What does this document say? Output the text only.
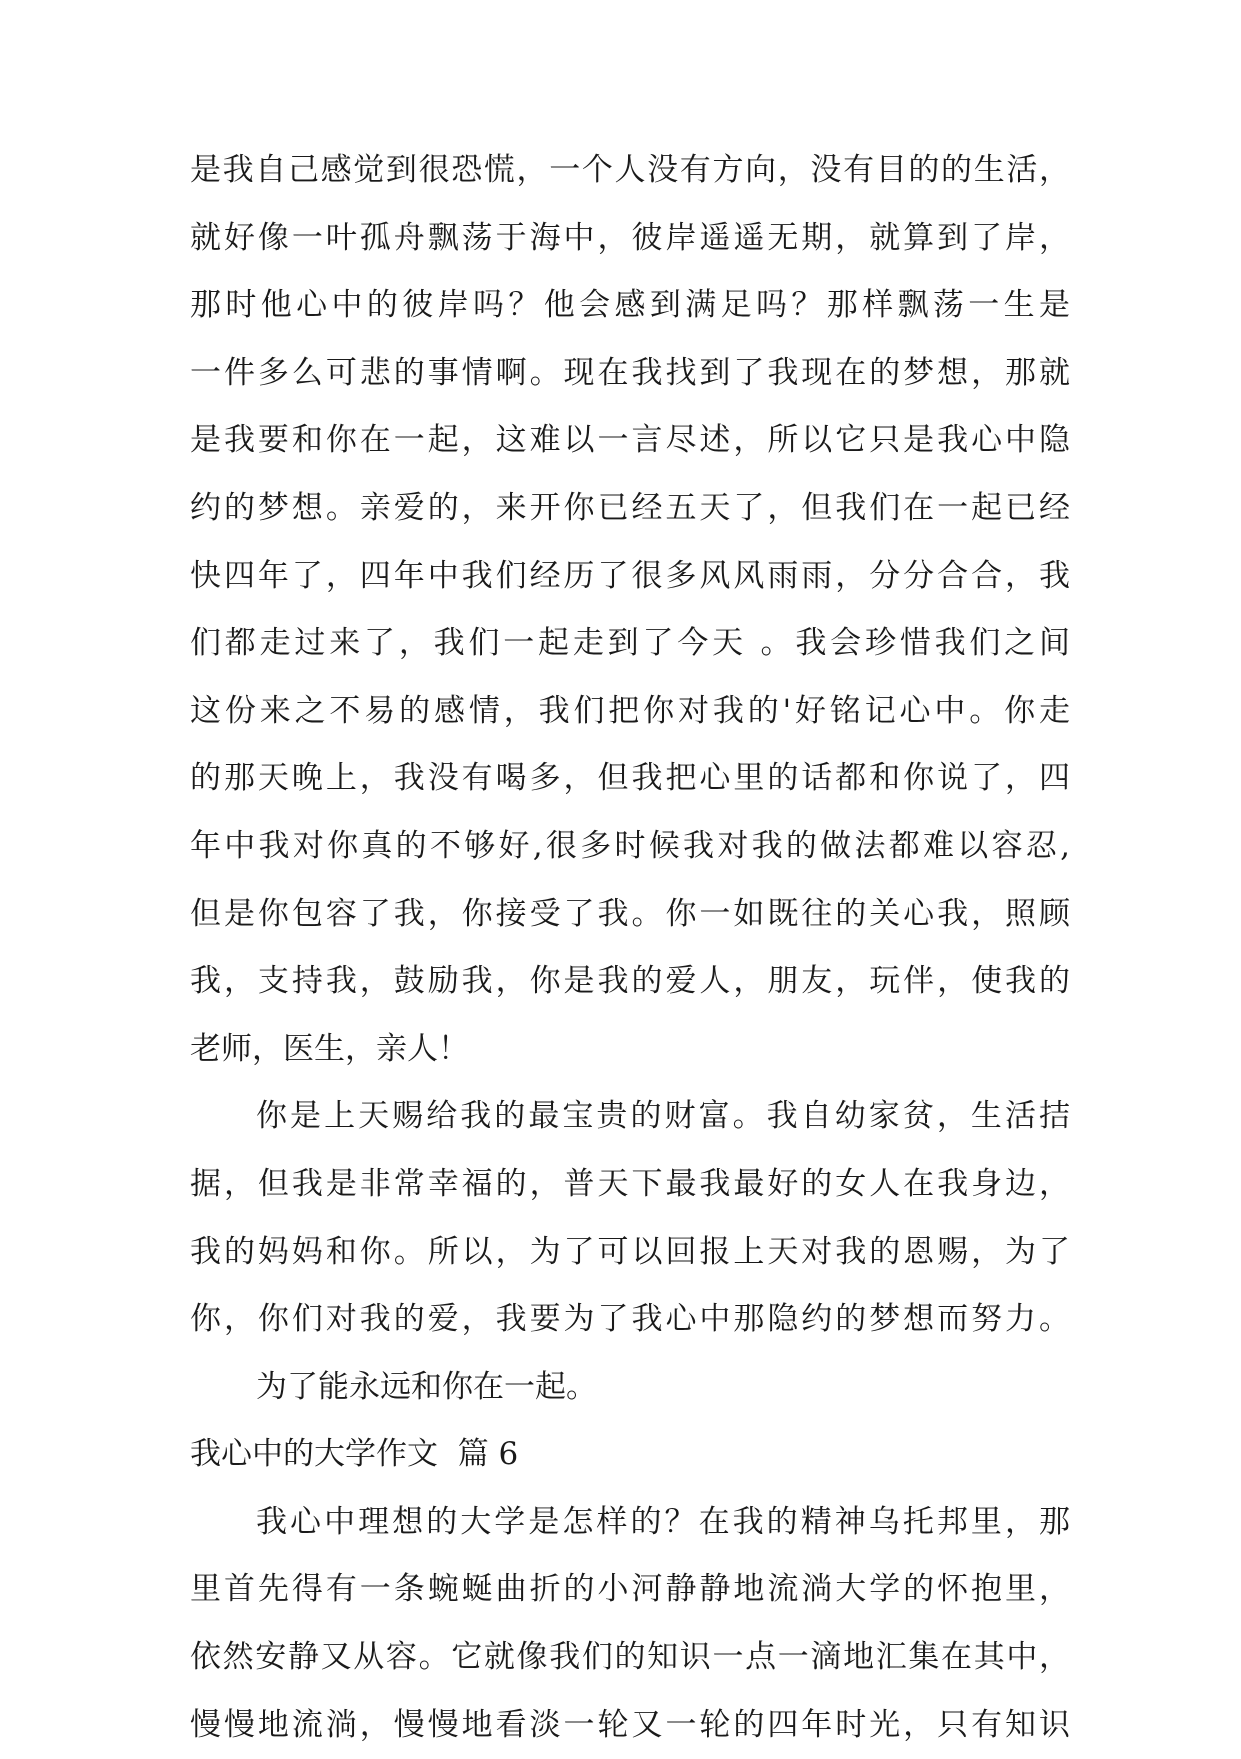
是我自己感觉到很恐慌，一个人没有方向，没有目的的生活，
就好像一叶孤舟飘荡于海中，彼岸遥遥无期，就算到了岸，
那时他心中的彼岸吗？他会感到满足吗？那样飘荡一生是
一件多么可悲的事情啊。现在我找到了我现在的梦想，那就
是我要和你在一起，这难以一言尽述，所以它只是我心中隐
约的梦想。亲爱的，来开你已经五天了，但我们在一起已经
快四年了，四年中我们经历了很多风风雨雨，分分合合，我
们都走过来了，我们一起走到了今天 。我会珍惜我们之间
这份来之不易的感情，我们把你对我的'好铭记心中。你走
的那天晚上，我没有喝多，但我把心里的话都和你说了，四
年中我对你真的不够好,很多时候我对我的做法都难以容忍,
但是你包容了我，你接受了我。你一如既往的关心我，照顾
我，支持我，鼓励我，你是我的爱人，朋友，玩伴，使我的
老师，医生，亲人！
你是上天赐给我的最宝贵的财富。我自幼家贫，生活拮
据，但我是非常幸福的，普天下最我最好的女人在我身边，
我的妈妈和你。所以，为了可以回报上天对我的恩赐，为了
你，你们对我的爱，我要为了我心中那隐约的梦想而努力。
为了能永远和你在一起。
我心中的大学作文  篇 6
我心中理想的大学是怎样的？在我的精神乌托邦里，那
里首先得有一条蜿蜒曲折的小河静静地流淌大学的怀抱里，
依然安静又从容。它就像我们的知识一点一滴地汇集在其中，
慢慢地流淌，慢慢地看淡一轮又一轮的四年时光，只有知识
